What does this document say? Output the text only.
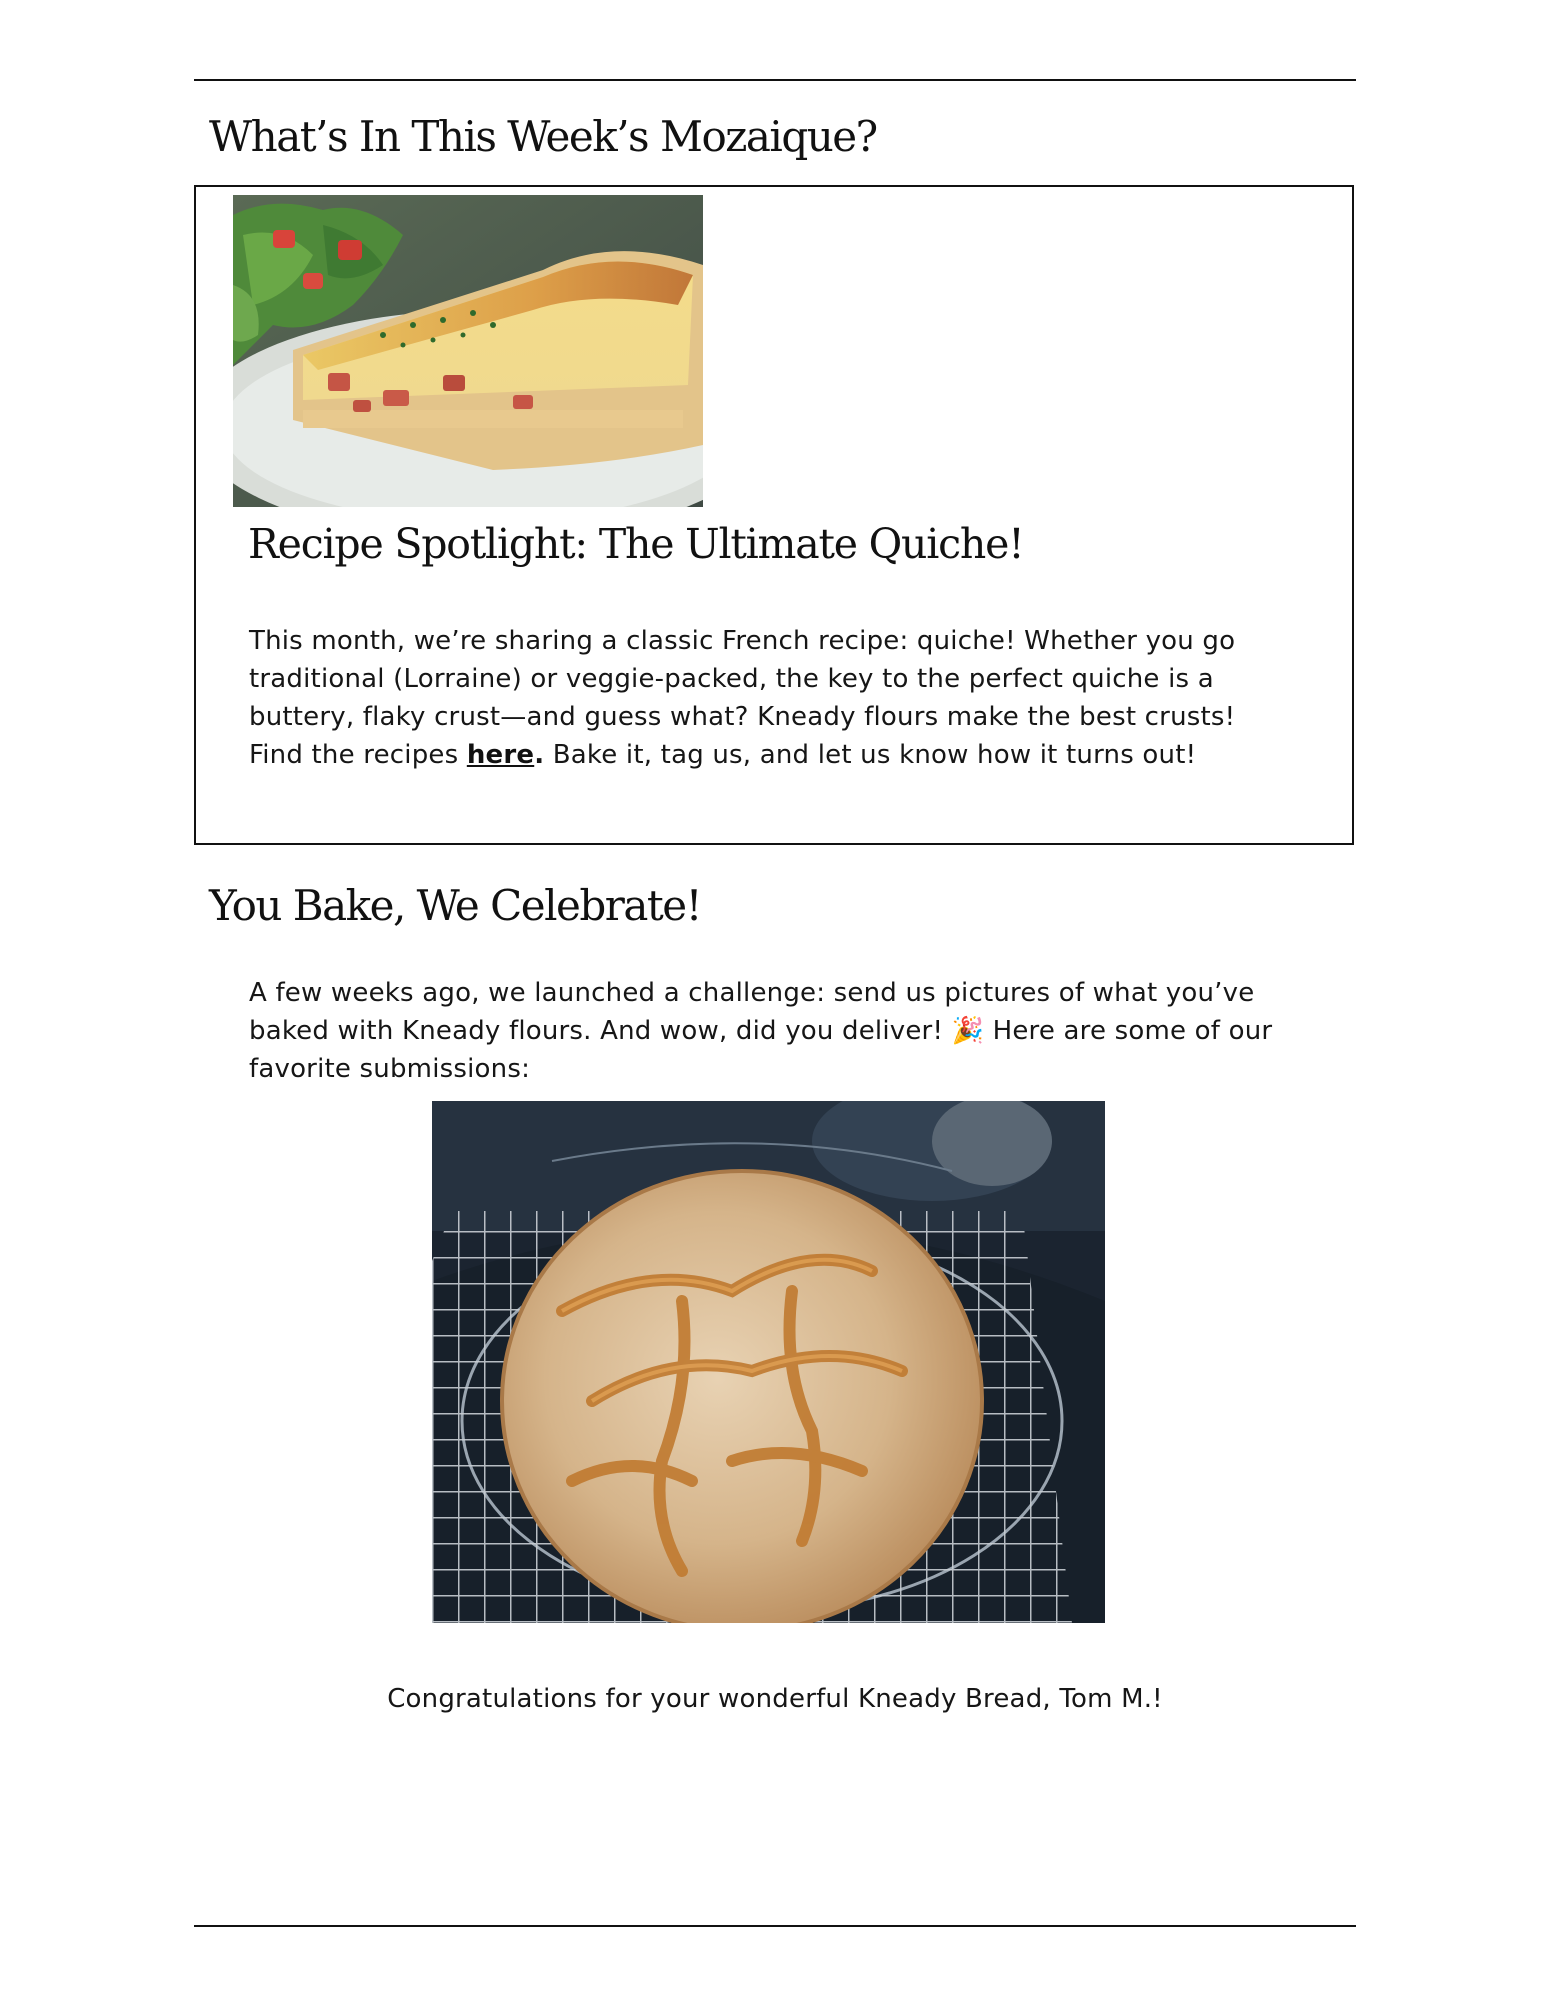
What’s In This Week’s Mozaique?
Recipe Spotlight: The Ultimate Quiche!

This month, we’re sharing a classic French recipe: quiche! Whether you go
traditional (Lorraine) or veggie-packed, the key to the perfect quiche is a
buttery, flaky crust—and guess what? Kneady flours make the best crusts!
Find the recipes here. Bake it, tag us, and let us know how it turns out!

You Bake, We Celebrate!

A few weeks ago, we launched a challenge: send us pictures of what you’ve
baked with Kneady flours. And wow, did you deliver! 🎉 Here are some of our
favorite submissions:

Congratulations for your wonderful Kneady Bread, Tom M.!
